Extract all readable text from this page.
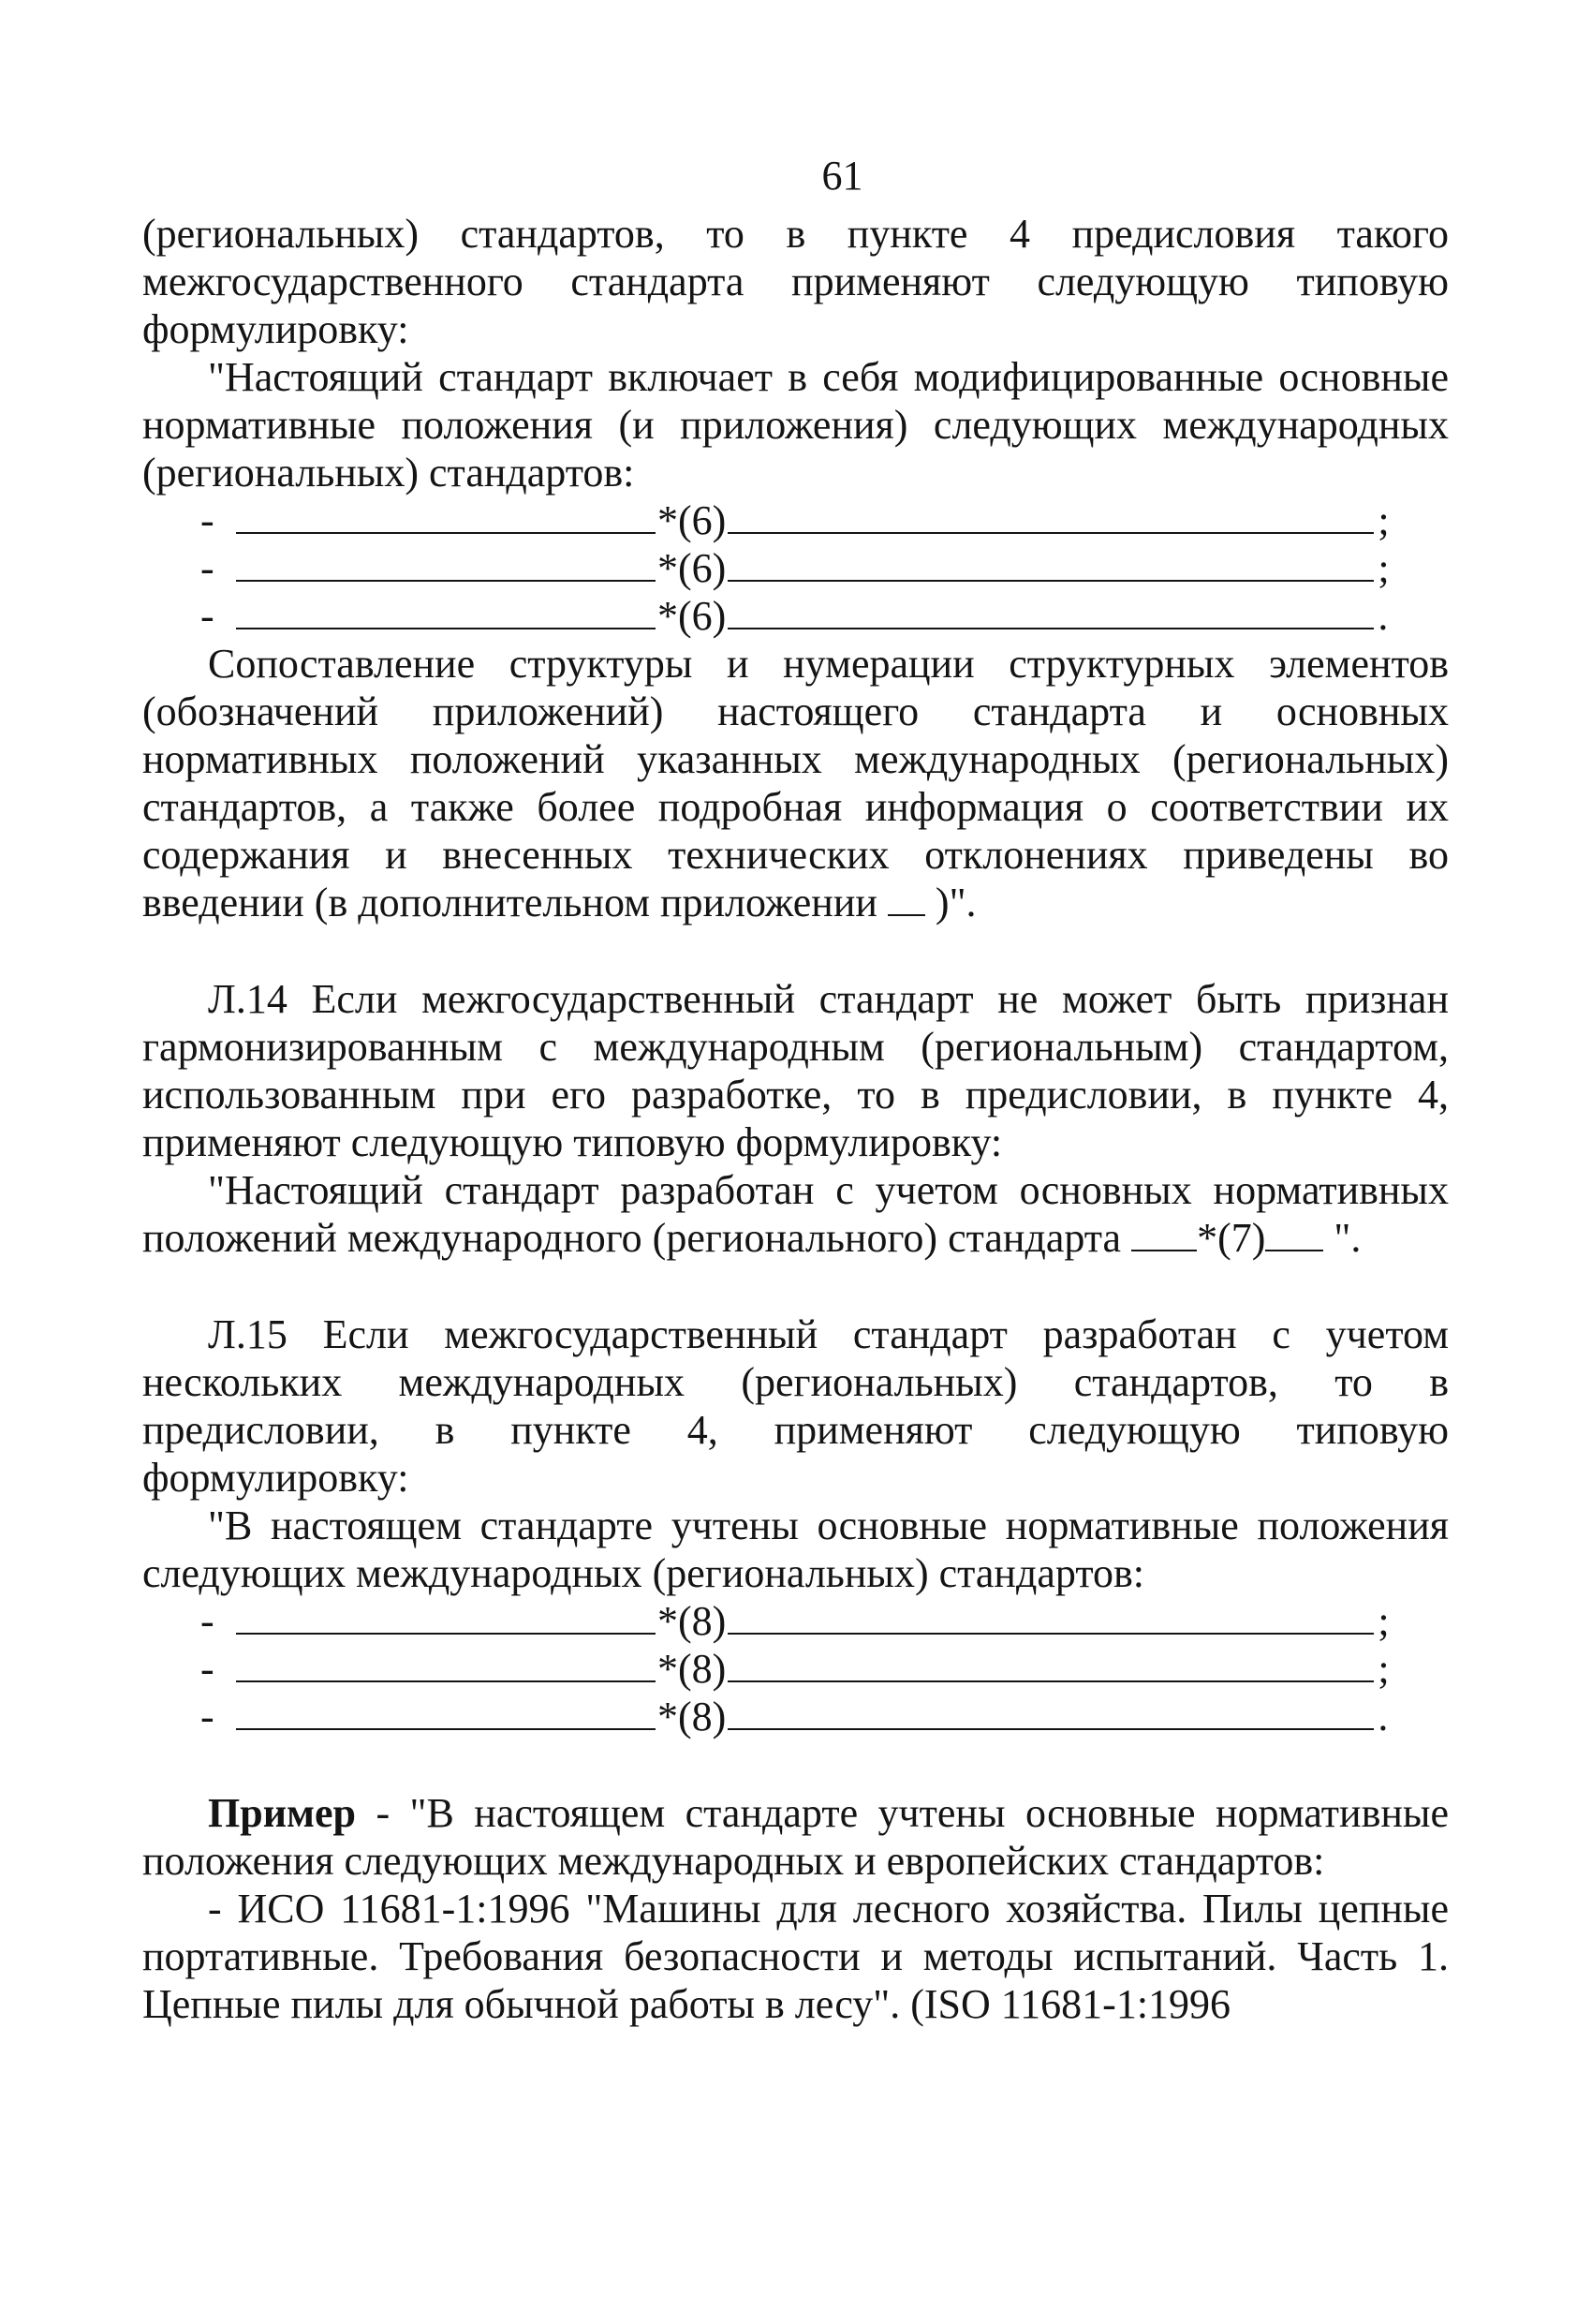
61

(региональных) стандартов, то в пункте 4 предисловия такого межгосударственного стандарта применяют следующую типовую формулировку:

"Настоящий стандарт включает в себя модифицированные основные нормативные положения (и приложения) следующих международных (региональных) стандартов:

-	*(6)	;
-	*(6)	;
-	*(6)	.

Сопоставление структуры и нумерации структурных элементов (обозначений приложений) настоящего стандарта и основных нормативных положений указанных международных (региональных) стандартов, а также более подробная информация о соответствии их содержания и внесенных технических отклонениях приведены во введении (в дополнительном приложении )".

Л.14 Если межгосударственный стандарт не может быть признан гармонизированным с международным (региональным) стандартом, использованным при его разработке, то в предисловии, в пункте 4, применяют следующую типовую формулировку:

"Настоящий стандарт разработан с учетом основных нормативных положений международного (регионального) стандарта *(7) ".

Л.15 Если межгосударственный стандарт разработан с учетом нескольких международных (региональных) стандартов, то в предисловии, в пункте 4, применяют следующую типовую формулировку:

"В настоящем стандарте учтены основные нормативные положения следующих международных (региональных) стандартов:

-	*(8)	;
-	*(8)	;
-	*(8)	.

Пример - "В настоящем стандарте учтены основные нормативные положения следующих международных и европейских стандартов:

- ИСО 11681-1:1996 "Машины для лесного хозяйства. Пилы цепные портативные. Требования безопасности и методы испытаний. Часть 1. Цепные пилы для обычной работы в лесу". (ISO 11681-1:1996
